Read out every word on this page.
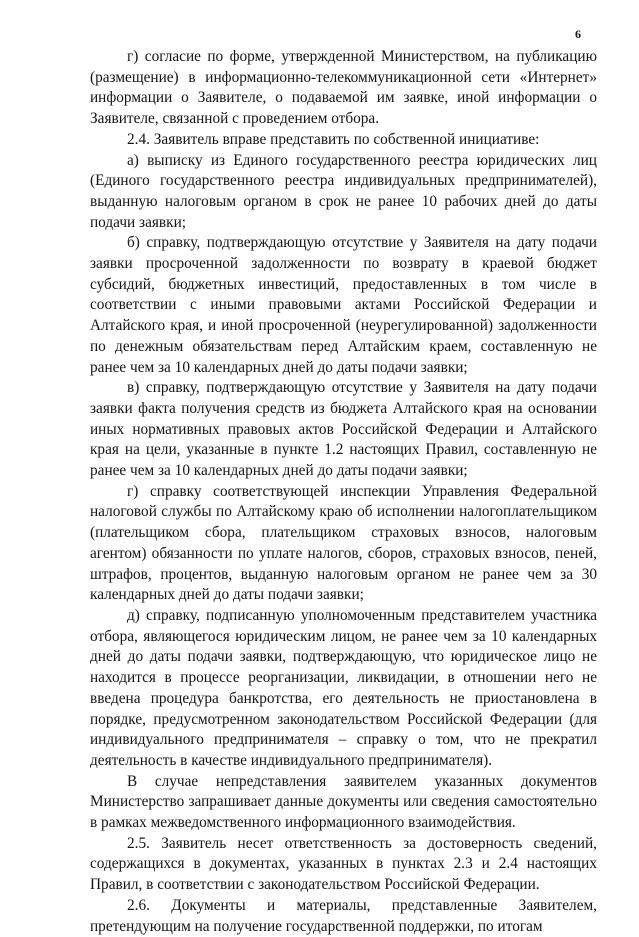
6

г) согласие по форме, утвержденной Министерством, на публикацию (размещение) в информационно-телекоммуникационной сети «Интернет» информации о Заявителе, о подаваемой им заявке, иной информации о Заявителе, связанной с проведением отбора.

2.4. Заявитель вправе представить по собственной инициативе:

а) выписку из Единого государственного реестра юридических лиц (Единого государственного реестра индивидуальных предпринимателей), выданную налоговым органом в срок не ранее 10 рабочих дней до даты подачи заявки;

б) справку, подтверждающую отсутствие у Заявителя на дату подачи заявки просроченной задолженности по возврату в краевой бюджет субсидий, бюджетных инвестиций, предоставленных в том числе в соответствии с иными правовыми актами Российской Федерации и Алтайского края, и иной просроченной (неурегулированной) задолженности по денежным обязательствам перед Алтайским краем, составленную не ранее чем за 10 календарных дней до даты подачи заявки;

в) справку, подтверждающую отсутствие у Заявителя на дату подачи заявки факта получения средств из бюджета Алтайского края на основании иных нормативных правовых актов Российской Федерации и Алтайского края на цели, указанные в пункте 1.2 настоящих Правил, составленную не ранее чем за 10 календарных дней до даты подачи заявки;

г) справку соответствующей инспекции Управления Федеральной налоговой службы по Алтайскому краю об исполнении налогоплательщиком (плательщиком сбора, плательщиком страховых взносов, налоговым агентом) обязанности по уплате налогов, сборов, страховых взносов, пеней, штрафов, процентов, выданную налоговым органом не ранее чем за 30 календарных дней до даты подачи заявки;

д) справку, подписанную уполномоченным представителем участника отбора, являющегося юридическим лицом, не ранее чем за 10 календарных дней до даты подачи заявки, подтверждающую, что юридическое лицо не находится в процессе реорганизации, ликвидации, в отношении него не введена процедура банкротства, его деятельность не приостановлена в порядке, предусмотренном законодательством Российской Федерации (для индивидуального предпринимателя – справку о том, что не прекратил деятельность в качестве индивидуального предпринимателя).

В случае непредставления заявителем указанных документов Министерство запрашивает данные документы или сведения самостоятельно в рамках межведомственного информационного взаимодействия.

2.5. Заявитель несет ответственность за достоверность сведений, содержащихся в документах, указанных в пунктах 2.3 и 2.4 настоящих Правил, в соответствии с законодательством Российской Федерации.

2.6. Документы и материалы, представленные Заявителем, претендующим на получение государственной поддержки, по итогам
